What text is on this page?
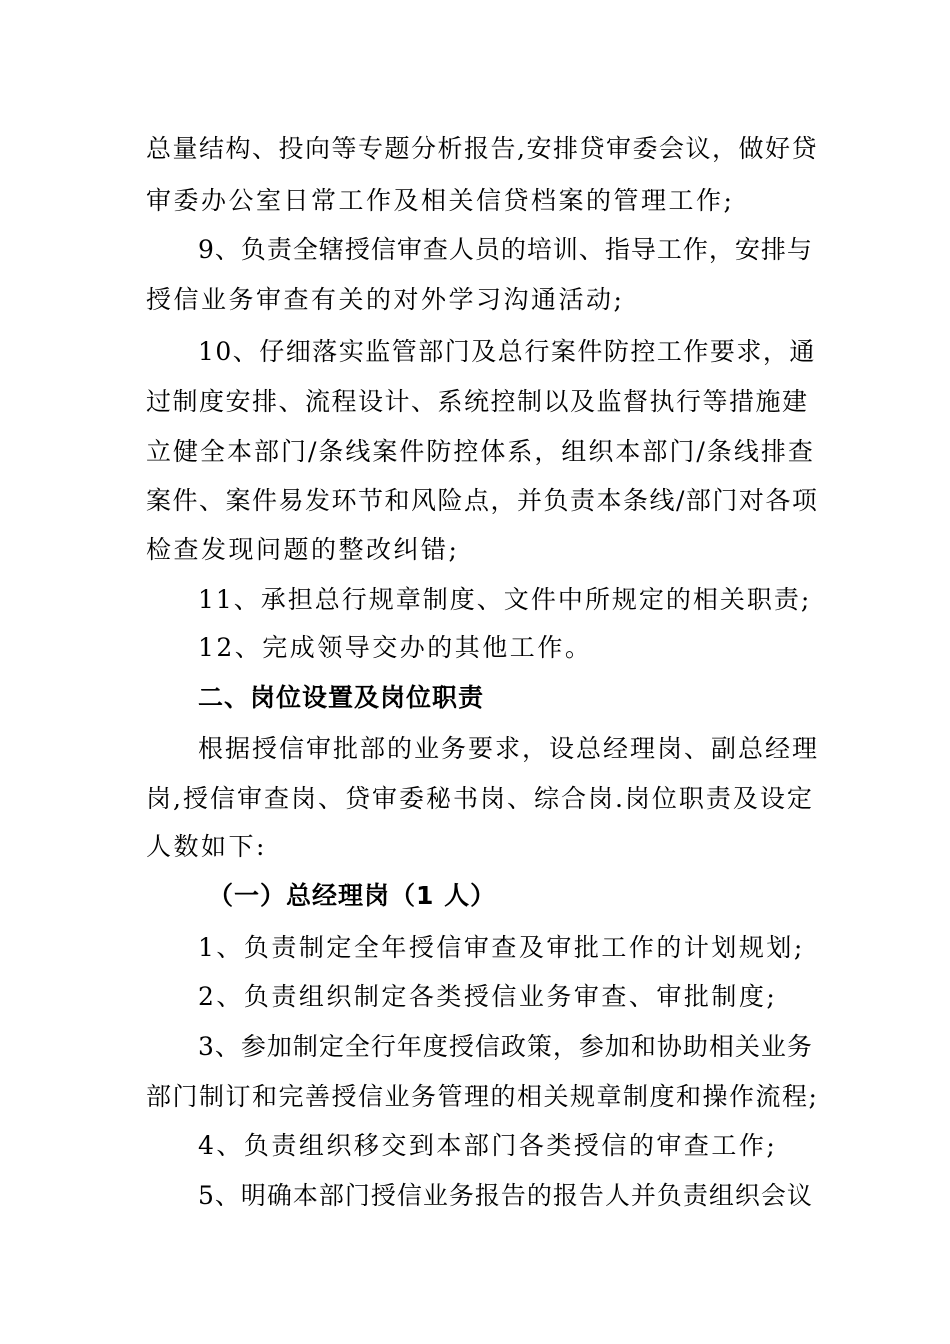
总量结构、投向等专题分析报告,安排贷审委会议，做好贷
审委办公室日常工作及相关信贷档案的管理工作;
9、负责全辖授信审查人员的培训、指导工作，安排与
授信业务审查有关的对外学习沟通活动;
10、仔细落实监管部门及总行案件防控工作要求，通
过制度安排、流程设计、系统控制以及监督执行等措施建
立健全本部门/条线案件防控体系，组织本部门/条线排查
案件、案件易发环节和风险点，并负责本条线/部门对各项
检查发现问题的整改纠错;
11、承担总行规章制度、文件中所规定的相关职责;
12、完成领导交办的其他工作。
二、岗位设置及岗位职责
根据授信审批部的业务要求，设总经理岗、副总经理
岗,授信审查岗、贷审委秘书岗、综合岗.岗位职责及设定
人数如下:
（一）总经理岗（1 人）
1、负责制定全年授信审查及审批工作的计划规划;
2、负责组织制定各类授信业务审查、审批制度;
3、参加制定全行年度授信政策，参加和协助相关业务
部门制订和完善授信业务管理的相关规章制度和操作流程;
4、负责组织移交到本部门各类授信的审查工作;
5、明确本部门授信业务报告的报告人并负责组织会议
